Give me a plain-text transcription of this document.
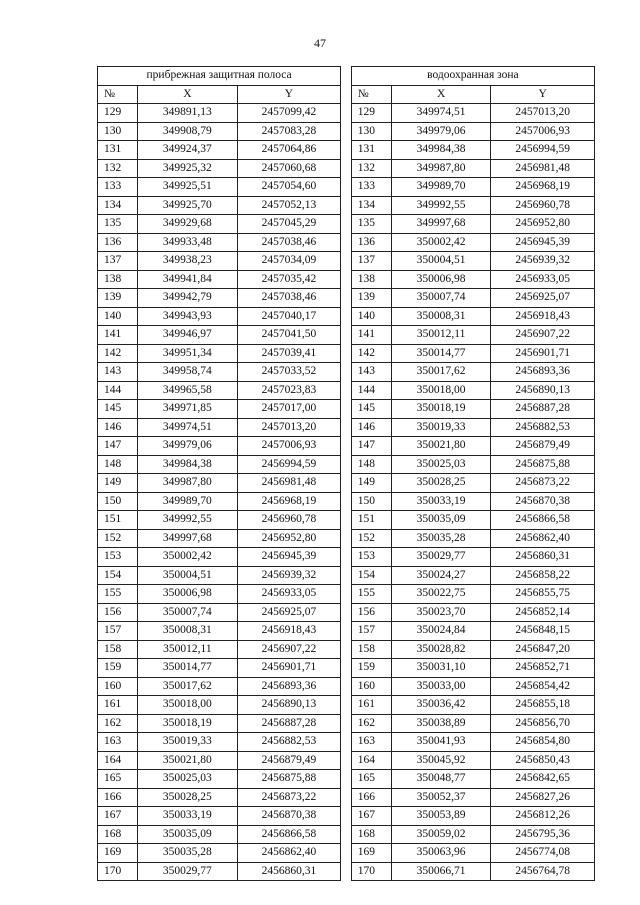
47
прибрежная защитная полоса				водоохранная зона		
№	X	Y		№	X	Y
129	349891,13	2457099,42		129	349974,51	2457013,20
130	349908,79	2457083,28		130	349979,06	2457006,93
131	349924,37	2457064,86		131	349984,38	2456994,59
132	349925,32	2457060,68		132	349987,80	2456981,48
133	349925,51	2457054,60		133	349989,70	2456968,19
134	349925,70	2457052,13		134	349992,55	2456960,78
135	349929,68	2457045,29		135	349997,68	2456952,80
136	349933,48	2457038,46		136	350002,42	2456945,39
137	349938,23	2457034,09		137	350004,51	2456939,32
138	349941,84	2457035,42		138	350006,98	2456933,05
139	349942,79	2457038,46		139	350007,74	2456925,07
140	349943,93	2457040,17		140	350008,31	2456918,43
141	349946,97	2457041,50		141	350012,11	2456907,22
142	349951,34	2457039,41		142	350014,77	2456901,71
143	349958,74	2457033,52		143	350017,62	2456893,36
144	349965,58	2457023,83		144	350018,00	2456890,13
145	349971,85	2457017,00		145	350018,19	2456887,28
146	349974,51	2457013,20		146	350019,33	2456882,53
147	349979,06	2457006,93		147	350021,80	2456879,49
148	349984,38	2456994,59		148	350025,03	2456875,88
149	349987,80	2456981,48		149	350028,25	2456873,22
150	349989,70	2456968,19		150	350033,19	2456870,38
151	349992,55	2456960,78		151	350035,09	2456866,58
152	349997,68	2456952,80		152	350035,28	2456862,40
153	350002,42	2456945,39		153	350029,77	2456860,31
154	350004,51	2456939,32		154	350024,27	2456858,22
155	350006,98	2456933,05		155	350022,75	2456855,75
156	350007,74	2456925,07		156	350023,70	2456852,14
157	350008,31	2456918,43		157	350024,84	2456848,15
158	350012,11	2456907,22		158	350028,82	2456847,20
159	350014,77	2456901,71		159	350031,10	2456852,71
160	350017,62	2456893,36		160	350033,00	2456854,42
161	350018,00	2456890,13		161	350036,42	2456855,18
162	350018,19	2456887,28		162	350038,89	2456856,70
163	350019,33	2456882,53		163	350041,93	2456854,80
164	350021,80	2456879,49		164	350045,92	2456850,43
165	350025,03	2456875,88		165	350048,77	2456842,65
166	350028,25	2456873,22		166	350052,37	2456827,26
167	350033,19	2456870,38		167	350053,89	2456812,26
168	350035,09	2456866,58		168	350059,02	2456795,36
169	350035,28	2456862,40		169	350063,96	2456774,08
170	350029,77	2456860,31		170	350066,71	2456764,78
